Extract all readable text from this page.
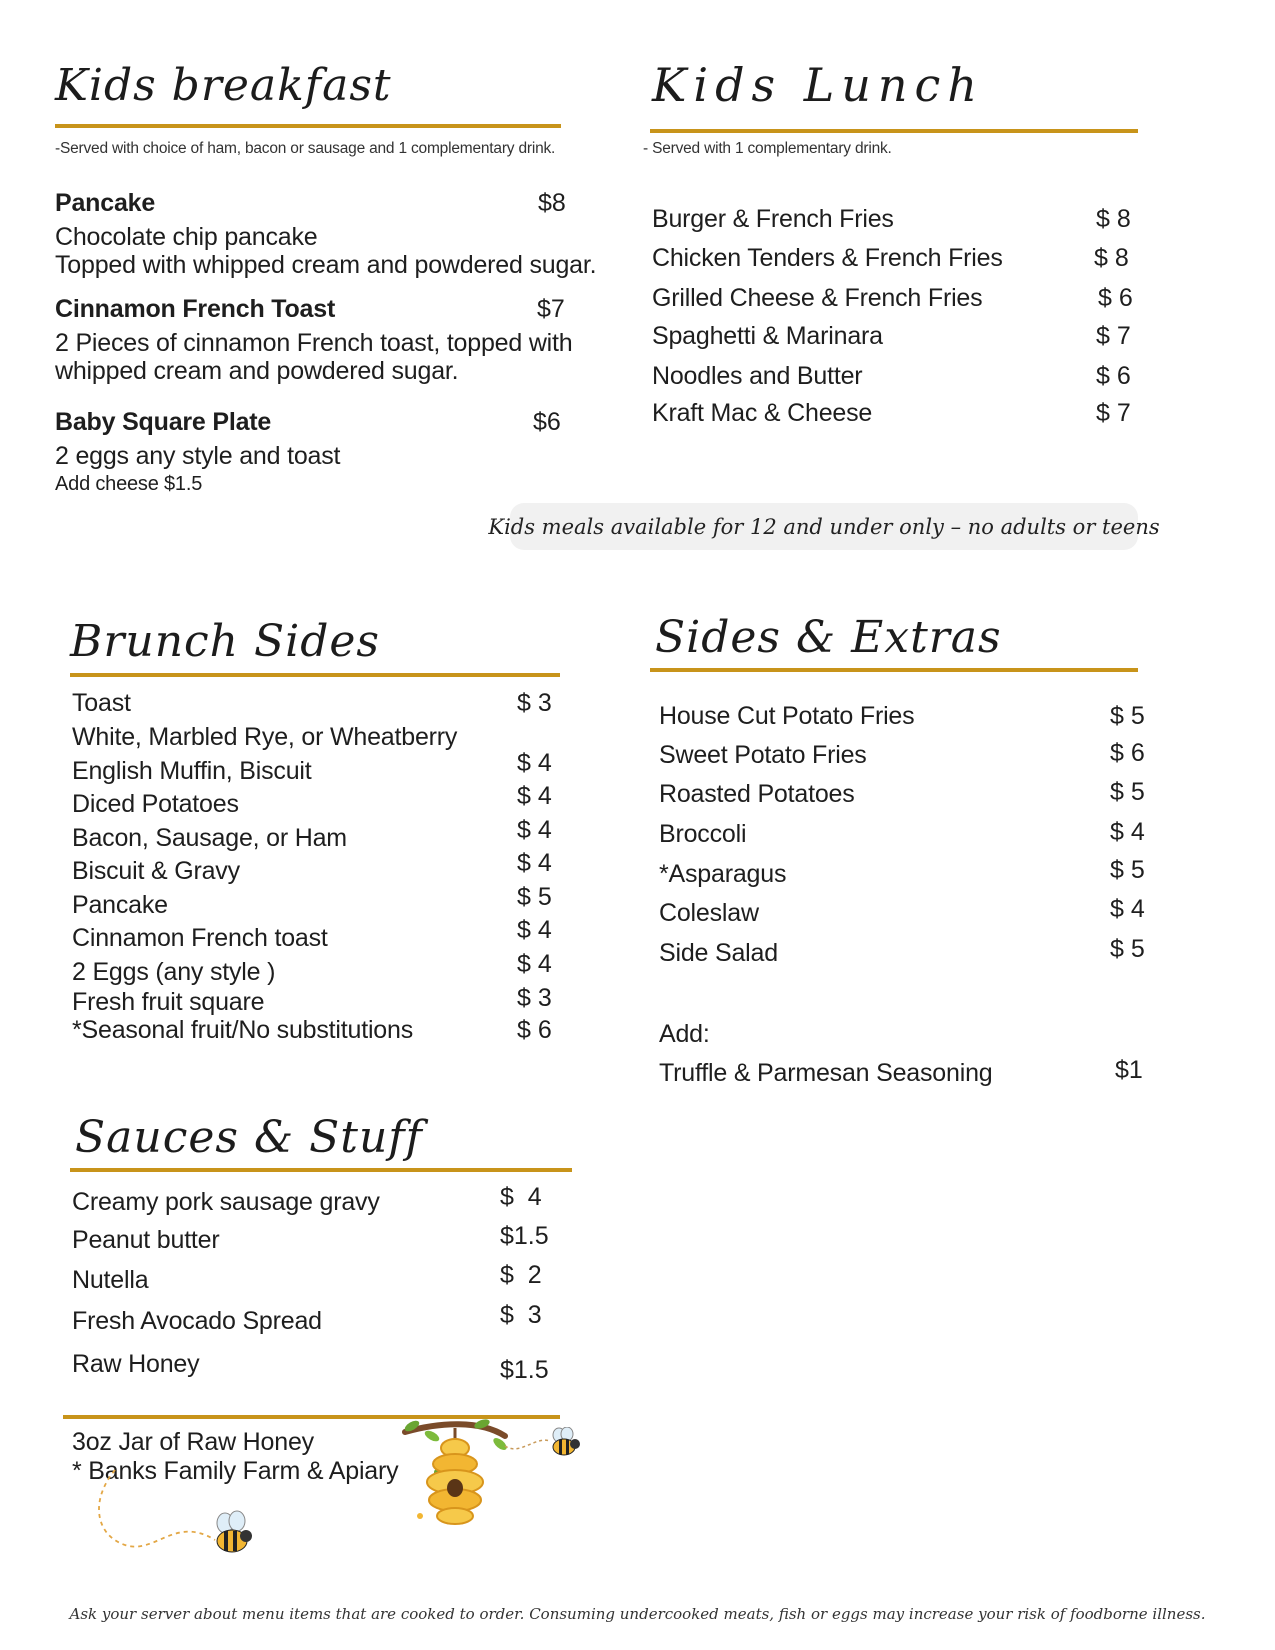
Kids breakfast
-Served with choice of ham, bacon or sausage and 1 complementary drink.
Pancake	$8
Chocolate chip pancake
Topped with whipped cream and powdered sugar.
Cinnamon French Toast	$7
2 Pieces of cinnamon French toast, topped with
whipped cream and powdered sugar.
Baby Square Plate	$6
2 eggs any style and toast
Add cheese $1.5
Kids Lunch
- Served with 1 complementary drink.
Burger & French Fries	$ 8
Chicken Tenders & French Fries	$ 8
Grilled Cheese & French Fries	$ 6
Spaghetti & Marinara	$ 7
Noodles and Butter	$ 6
Kraft Mac & Cheese	$ 7
Kids meals available for 12 and under only – no adults or teens
Brunch Sides
Toast	$ 3
White, Marbled Rye, or Wheatberry
English Muffin, Biscuit	$ 4
Diced Potatoes	$ 4
Bacon, Sausage, or Ham	$ 4
Biscuit & Gravy	$ 4
Pancake	$ 5
Cinnamon French toast	$ 4
2 Eggs (any style )	$ 4
Fresh fruit square	$ 3
*Seasonal fruit/No substitutions	$ 6
Sides & Extras
House Cut Potato Fries	$ 5
Sweet Potato Fries	$ 6
Roasted Potatoes	$ 5
Broccoli	$ 4
*Asparagus	$ 5
Coleslaw	$ 4
Side Salad	$ 5
Add:
Truffle & Parmesan Seasoning	$1
Sauces & Stuff
Creamy pork sausage gravy	$  4
Peanut butter	$1.5
Nutella	$  2
Fresh Avocado Spread	$  3
Raw Honey	$1.5
3oz Jar of Raw Honey
* Banks Family Farm & Apiary
Ask your server about menu items that are cooked to order. Consuming undercooked meats, fish or eggs may increase your risk of foodborne illness.
